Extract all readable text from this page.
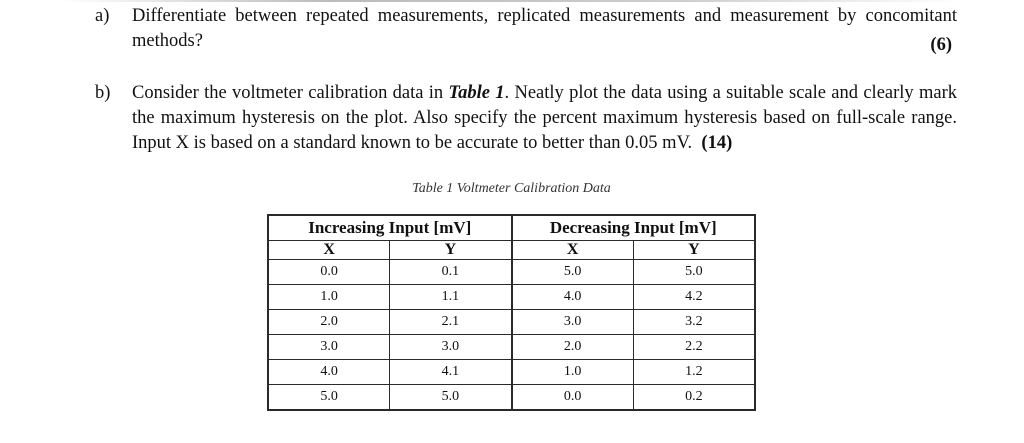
a) Differentiate between repeated measurements, replicated measurements and measurement by concomitant methods?	(6)
b) Consider the voltmeter calibration data in Table 1. Neatly plot the data using a suitable scale and clearly mark the maximum hysteresis on the plot. Also specify the percent maximum hysteresis based on full-scale range. Input X is based on a standard known to be accurate to better than 0.05 mV. (14)
Table 1 Voltmeter Calibration Data
Increasing Input [mV]		Decreasing Input [mV]	
X	Y	X	Y
0.0	0.1	5.0	5.0
1.0	1.1	4.0	4.2
2.0	2.1	3.0	3.2
3.0	3.0	2.0	2.2
4.0	4.1	1.0	1.2
5.0	5.0	0.0	0.2
